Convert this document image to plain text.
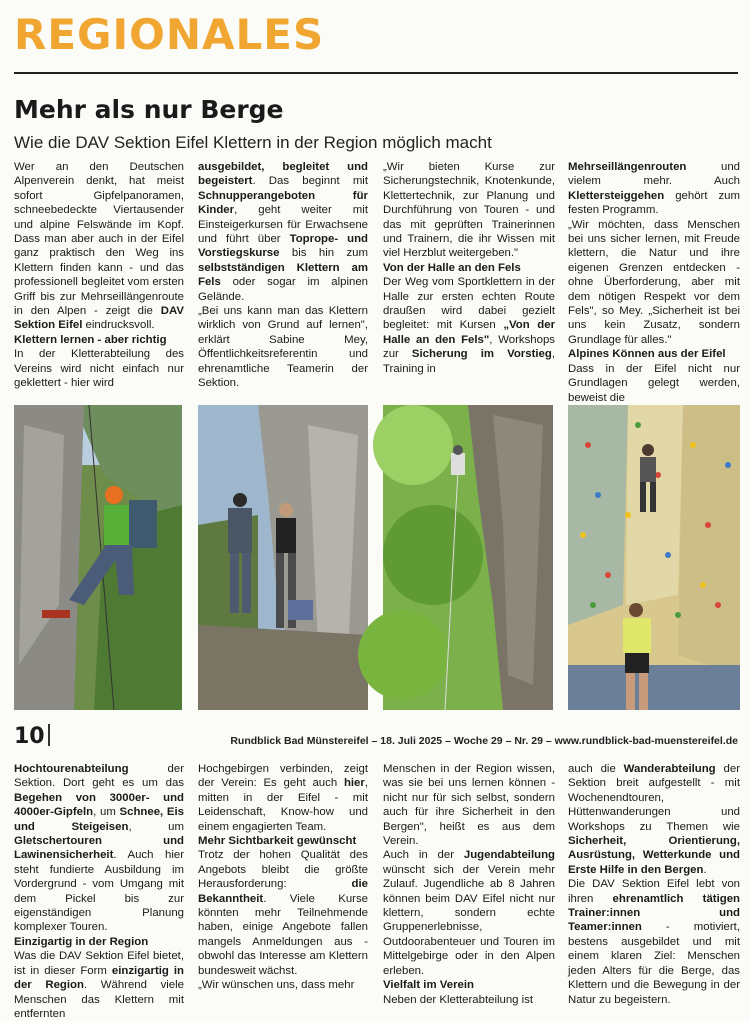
REGIONALES
Mehr als nur Berge
Wie die DAV Sektion Eifel Klettern in der Region möglich macht

Wer an den Deutschen Alpenverein denkt, hat meist sofort Gipfelpanoramen, schneebedeckte Viertausender und alpine Felswände im Kopf. Dass man aber auch in der Eifel ganz praktisch den Weg ins Klettern finden kann - und das professionell begleitet vom ersten Griff bis zur Mehrseillängenroute in den Alpen - zeigt die DAV Sektion Eifel eindrucksvoll.

Klettern lernen - aber richtig

In der Kletterabteilung des Vereins wird nicht einfach nur geklettert - hier wird

ausgebildet, begleitet und begeistert. Das beginnt mit Schnupperangeboten für Kinder, geht weiter mit Einsteigerkursen für Erwachsene und führt über Toprope- und Vorstiegskurse bis hin zum selbstständigen Klettern am Fels oder sogar im alpinen Gelände.

„Bei uns kann man das Klettern wirklich von Grund auf lernen", erklärt Sabine Mey, Öffentlichkeitsreferentin und ehrenamtliche Teamerin der Sektion.

„Wir bieten Kurse zur Sicherungstechnik, Knotenkunde, Klettertechnik, zur Planung und Durchführung von Touren - und das mit geprüften Trainerinnen und Trainern, die ihr Wissen mit viel Herzblut weitergeben."

Von der Halle an den Fels

Der Weg vom Sportklettern in der Halle zur ersten echten Route draußen wird dabei gezielt begleitet: mit Kursen „Von der Halle an den Fels", Workshops zur Sicherung im Vorstieg, Training in

Mehrseillängenrouten und vielem mehr. Auch Klettersteiggehen gehört zum festen Programm.

„Wir möchten, dass Menschen bei uns sicher lernen, mit Freude klettern, die Natur und ihre eigenen Grenzen entdecken - ohne Überforderung, aber mit dem nötigen Respekt vor dem Fels", so Mey. „Sicherheit ist bei uns kein Zusatz, sondern Grundlage für alles."

Alpines Können aus der Eifel

Dass in der Eifel nicht nur Grundlagen gelegt werden, beweist die

10	Rundblick Bad Münstereifel – 18. Juli 2025 – Woche 29 – Nr. 29 – www.rundblick-bad-muenstereifel.de

Hochtourenabteilung der Sektion. Dort geht es um das Begehen von 3000er- und 4000er-Gipfeln, um Schnee, Eis und Steigeisen, um Gletschertouren und Lawinensicherheit. Auch hier steht fundierte Ausbildung im Vordergrund - vom Umgang mit dem Pickel bis zur eigenständigen Planung komplexer Touren.

Einzigartig in der Region

Was die DAV Sektion Eifel bietet, ist in dieser Form einzigartig in der Region. Während viele Menschen das Klettern mit entfernten

Hochgebirgen verbinden, zeigt der Verein: Es geht auch hier, mitten in der Eifel - mit Leidenschaft, Know-how und einem engagierten Team.

Mehr Sichtbarkeit gewünscht

Trotz der hohen Qualität des Angebots bleibt die größte Herausforderung: die Bekanntheit. Viele Kurse könnten mehr Teilnehmende haben, einige Angebote fallen mangels Anmeldungen aus - obwohl das Interesse am Klettern bundesweit wächst.

„Wir wünschen uns, dass mehr

Menschen in der Region wissen, was sie bei uns lernen können - nicht nur für sich selbst, sondern auch für ihre Sicherheit in den Bergen", heißt es aus dem Verein.

Auch in der Jugendabteilung wünscht sich der Verein mehr Zulauf. Jugendliche ab 8 Jahren können beim DAV Eifel nicht nur klettern, sondern echte Gruppenerlebnisse, Outdoorabenteuer und Touren im Mittelgebirge oder in den Alpen erleben.

Vielfalt im Verein

Neben der Kletterabteilung ist

auch die Wanderabteilung der Sektion breit aufgestellt - mit Wochenendtouren, Hüttenwanderungen und Workshops zu Themen wie Sicherheit, Orientierung, Ausrüstung, Wetterkunde und Erste Hilfe in den Bergen.

Die DAV Sektion Eifel lebt von ihren ehrenamtlich tätigen Trainer:innen und Teamer:innen - motiviert, bestens ausgebildet und mit einem klaren Ziel: Menschen jeden Alters für die Berge, das Klettern und die Bewegung in der Natur zu begeistern.
